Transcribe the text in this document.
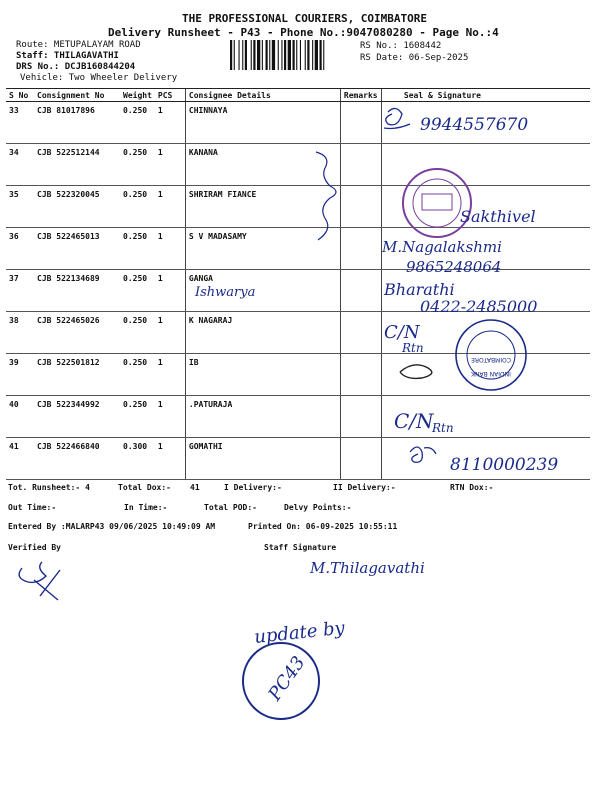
THE PROFESSIONAL COURIERS, COIMBATORE
Delivery Runsheet - P43 - Phone No.:9047080280 - Page No.:4
Route: METUPALAYAM ROAD
Staff: THILAGAVATHI
DRS No.: DCJB160844204
Vehicle: Two Wheeler Delivery
RS No.: 1608442
RS Date: 06-Sep-2025
S No	Consignment No	Weight	PCS	Consignee Details	Remarks	Seal & Signature
33	CJB 81017896	0.250	1	CHINNAYA		
34	CJB 522512144	0.250	1	KANANA		
35	CJB 522320045	0.250	1	SHRIRAM FIANCE		
36	CJB 522465013	0.250	1	S V MADASAMY		
37	CJB 522134689	0.250	1	GANGA		
38	CJB 522465026	0.250	1	K NAGARAJ		
39	CJB 522501812	0.250	1	IB		
40	CJB 522344992	0.250	1	.PATURAJA		
41	CJB 522466840	0.300	1	GOMATHI		
Tot. Runsheet:- 4	Total Dox:- 41	I Delivery:-	II Delivery:-	RTN Dox:-
Out Time:-	In Time:-	Total POD:-	Delvy Points:-
Entered By :MALARP43 09/06/2025 10:49:09 AM	Printed On: 06-09-2025 10:55:11
Verified By	Staff Signature
9944557670
Sakthivel
M.Nagalakshmi
9865248064
Ishwarya	Bharathi
0422-2485000
C/N
Rtn
COIMBATORE
INDIAN BANK
C/N
Rtn
8110000239
M.Thilagavathi
update by
PC43
